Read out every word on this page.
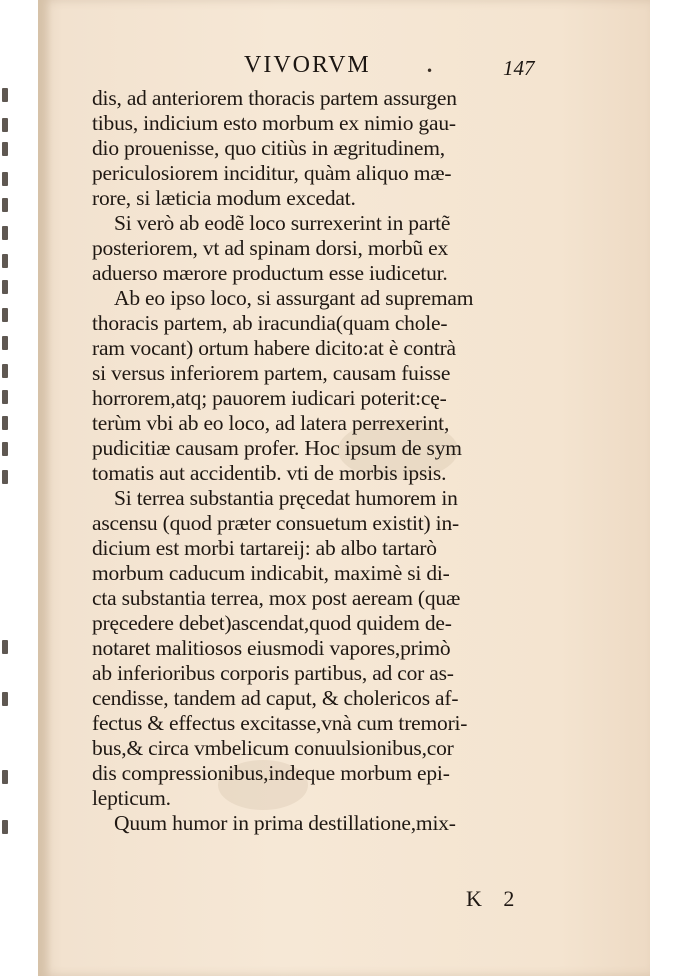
VIVORVM	•	147
dis, ad anteriorem thoracis partem assurgen
tibus, indicium esto morbum ex nimio gau-
dio prouenisse, quo citiùs in ægritudinem,
periculosiorem inciditur, quàm aliquo mæ-
rore, si læticia modum excedat.
Si verò ab eodẽ loco surrexerint in partẽ
posteriorem, vt ad spinam dorsi, morbũ ex
aduerso mærore productum esse iudicetur.
Ab eo ipso loco, si assurgant ad supremam
thoracis partem, ab iracundia(quam chole-
ram vocant) ortum habere dicito:at è contrà
si versus inferiorem partem, causam fuisse
horrorem,atq; pauorem iudicari poterit:cę-
terùm vbi ab eo loco, ad latera perrexerint,
pudicitiæ causam profer. Hoc ipsum de sym
tomatis aut accidentib. vti de morbis ipsis.
Si terrea substantia pręcedat humorem in
ascensu (quod præter consuetum existit) in-
dicium est morbi tartareij: ab albo tartarò
morbum caducum indicabit, maximè si di-
cta substantia terrea, mox post aeream (quæ
pręcedere debet)ascendat,quod quidem de-
notaret malitiosos eiusmodi vapores,primò
ab inferioribus corporis partibus, ad cor as-
cendisse, tandem ad caput, & cholericos af-
fectus & effectus excitasse,vnà cum tremori-
bus,& circa vmbelicum conuulsionibus,cor
dis compressionibus,indeque morbum epi-
lepticum.
Quum humor in prima destillatione,mix-
K 2
